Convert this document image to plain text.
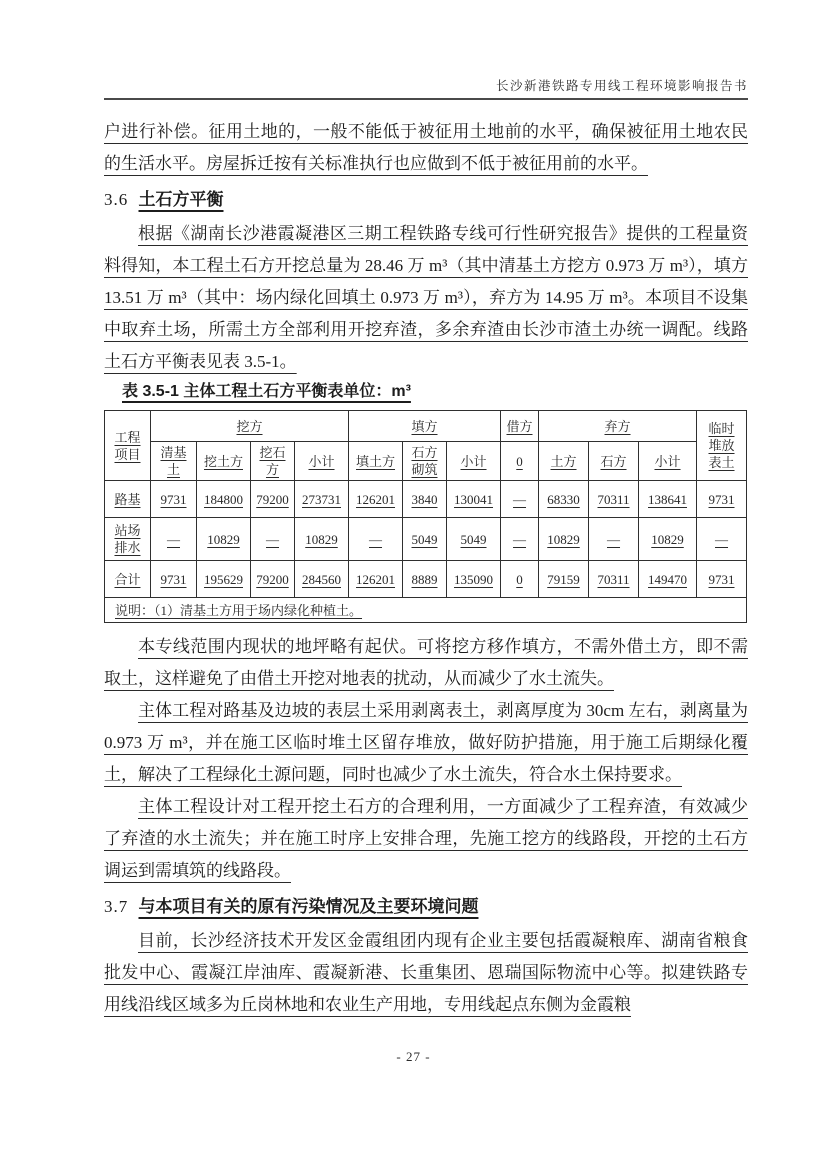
长沙新港铁路专用线工程环境影响报告书

户进行补偿。征用土地的，一般不能低于被征用土地前的水平，确保被征用土地农民的生活水平。房屋拆迁按有关标准执行也应做到不低于被征用前的水平。

3.6 土石方平衡

根据《湖南长沙港霞凝港区三期工程铁路专线可行性研究报告》提供的工程量资料得知，本工程土石方开挖总量为 28.46 万 m³（其中清基土方挖方 0.973 万 m³），填方 13.51 万 m³（其中：场内绿化回填土 0.973 万 m³），弃方为 14.95 万 m³。本项目不设集中取弃土场，所需土方全部利用开挖弃渣，多余弃渣由长沙市渣土办统一调配。线路土石方平衡表见表 3.5-1。

表 3.5-1 主体工程土石方平衡表单位：m³
工程项目	挖方				填方			借方	弃方			临时堆放表土
	清基土	挖土方	挖石方	小计	填土方	石方砌筑	小计	0	土方	石方	小计	
路基	9731	184800	79200	273731	126201	3840	130041	—	68330	70311	138641	9731
站场排水	—	10829	—	10829	—	5049	5049	—	10829	—	10829	—
合计	9731	195629	79200	284560	126201	8889	135090	0	79159	70311	149470	9731
说明：（1）清基土方用于场内绿化种植土。												

本专线范围内现状的地坪略有起伏。可将挖方移作填方，不需外借土方，即不需取土，这样避免了由借土开挖对地表的扰动，从而减少了水土流失。

主体工程对路基及边坡的表层土采用剥离表土，剥离厚度为 30cm 左右，剥离量为 0.973 万 m³，并在施工区临时堆土区留存堆放，做好防护措施，用于施工后期绿化覆土，解决了工程绿化土源问题，同时也减少了水土流失，符合水土保持要求。

主体工程设计对工程开挖土石方的合理利用，一方面减少了工程弃渣，有效减少了弃渣的水土流失；并在施工时序上安排合理，先施工挖方的线路段，开挖的土石方调运到需填筑的线路段。

3.7 与本项目有关的原有污染情况及主要环境问题

目前，长沙经济技术开发区金霞组团内现有企业主要包括霞凝粮库、湖南省粮食批发中心、霞凝江岸油库、霞凝新港、长重集团、恩瑞国际物流中心等。拟建铁路专用线沿线区域多为丘岗林地和农业生产用地，专用线起点东侧为金霞粮

- 27 -
